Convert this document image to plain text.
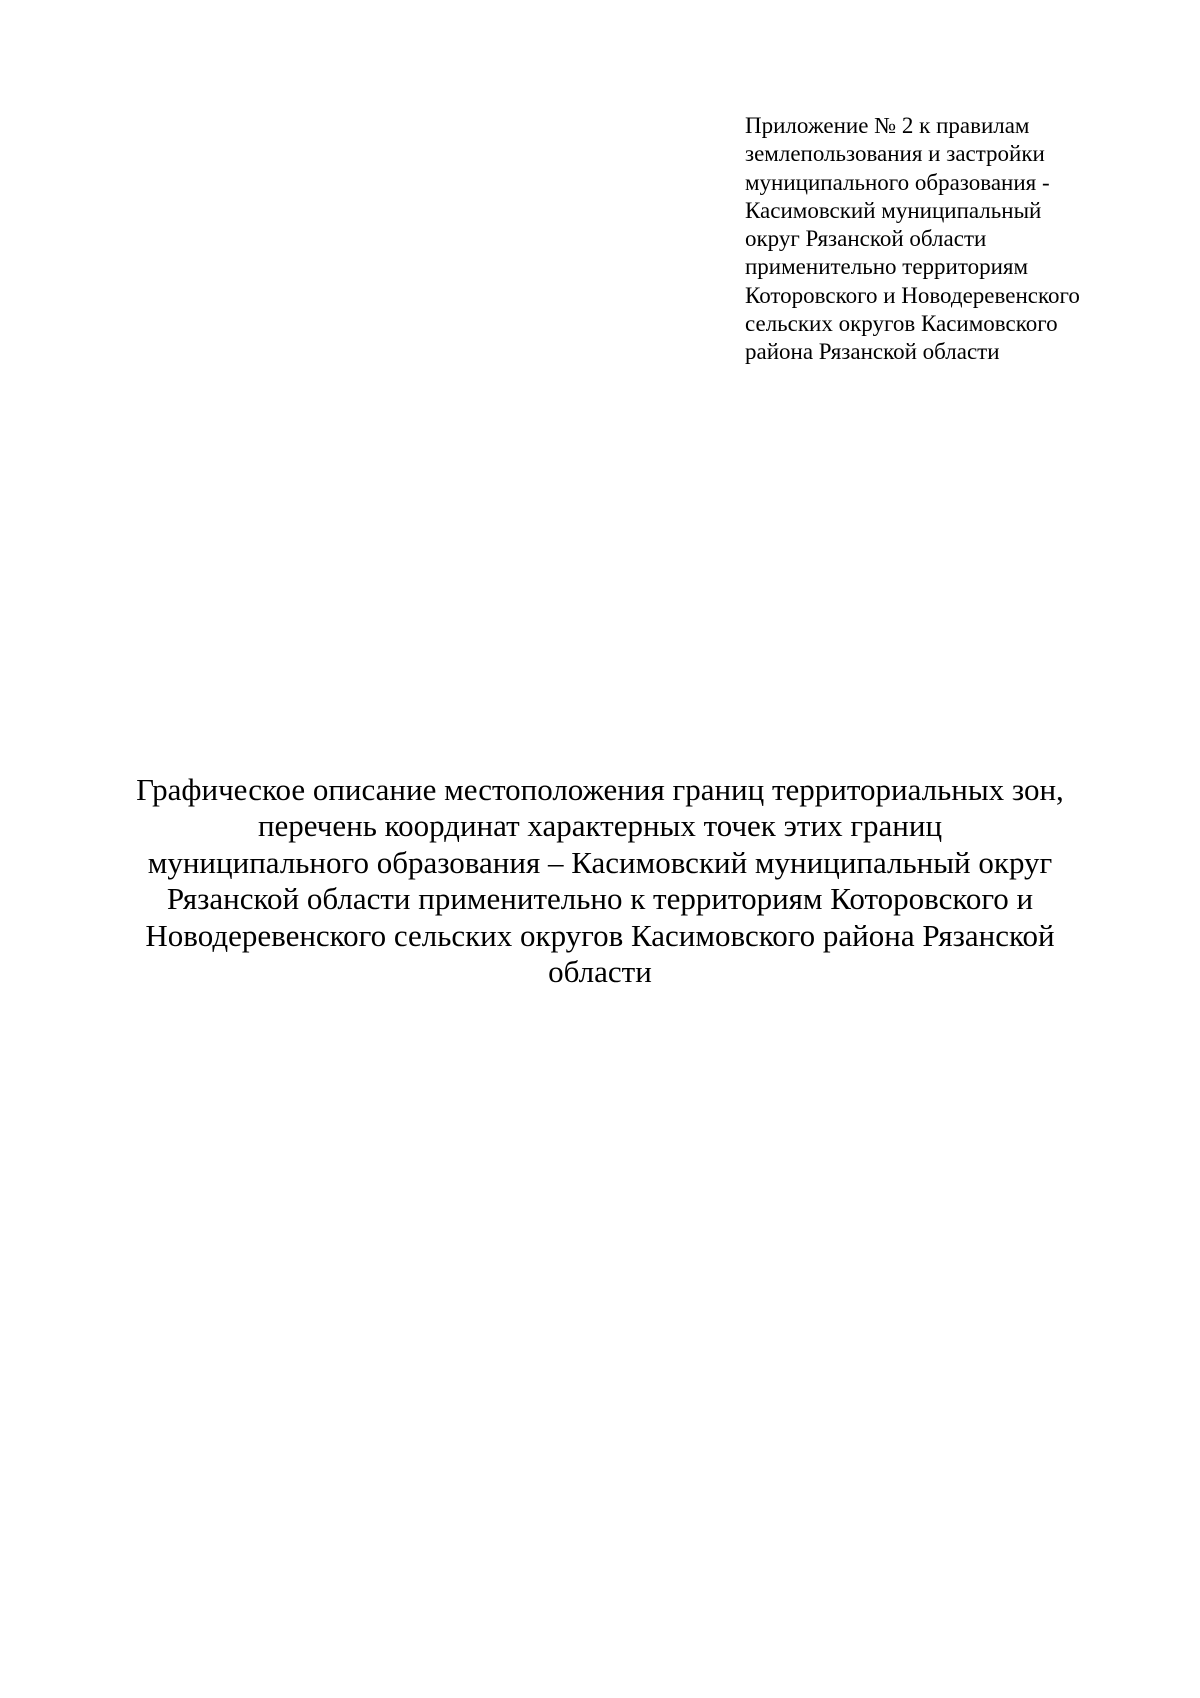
Приложение № 2 к правилам
землепользования и застройки
муниципального образования -
Касимовский муниципальный
округ Рязанской области
применительно территориям
Которовского и Новодеревенского
сельских округов Касимовского
района Рязанской области
Графическое описание местоположения границ территориальных зон,
перечень координат характерных точек этих границ
муниципального образования – Касимовский муниципальный округ
Рязанской области применительно к территориям Которовского и
Новодеревенского сельских округов Касимовского района Рязанской
области
